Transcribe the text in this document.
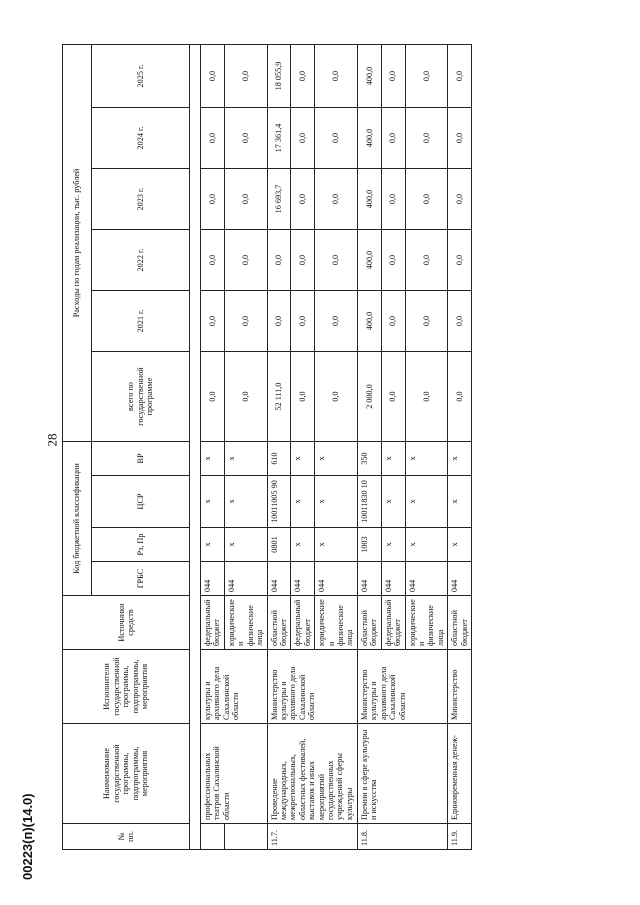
28
00223(п)(14.0)	№ пп.	Наименование государственной программы, подпрограммы, мероприятия	Исполнители государственной программы, подпрограммы, мероприятия	Источники средств	Код бюджетной классификации				Расходы по годам реализации, тыс. рублей					
				ГРБС	Рз, Пр	ЦСР	ВР	всего по государственной программе	2021 г.	2022 г.	2023 г.	2024 г.	2025 г.

	профессиональных театров Сахалинской области	культуры и архивного дела Сахалинской области	федеральный бюджет	044	х	х	х	0,0	0,0	0,0	0,0	0,0	0,0
			юридические и физические лица	044	х	х	х	0,0	0,0	0,0	0,0	0,0	0,0
11.7.	Проведение международных, межрегиональных, областных фестивалей, выставок и иных мероприятий государственных учреждений сферы культуры	Министерство культуры и архивного дела Сахалинской области	областной бюджет	044	0801	10011005 90	610	52 111,0	0,0	0,0	16 693,7	17 361,4	18 055,9
			федеральный бюджет	044	х	х	х	0,0	0,0	0,0	0,0	0,0	0,0
			юридические и физические лица	044	х	х	х	0,0	0,0	0,0	0,0	0,0	0,0
11.8.	Премии в сфере культуры и искусства	Министерство культуры и архивного дела Сахалинской области	областной бюджет	044	1003	10011830 10	350	2 000,0	400,0	400,0	400,0	400,0	400,0
			федеральный бюджет	044	х	х	х	0,0	0,0	0,0	0,0	0,0	0,0
			юридические и физические лица	044	х	х	х	0,0	0,0	0,0	0,0	0,0	0,0
11.9.	Единовременная денеж-	Министерство	областной бюджет	044	х	х	х	0,0	0,0	0,0	0,0	0,0	0,0
